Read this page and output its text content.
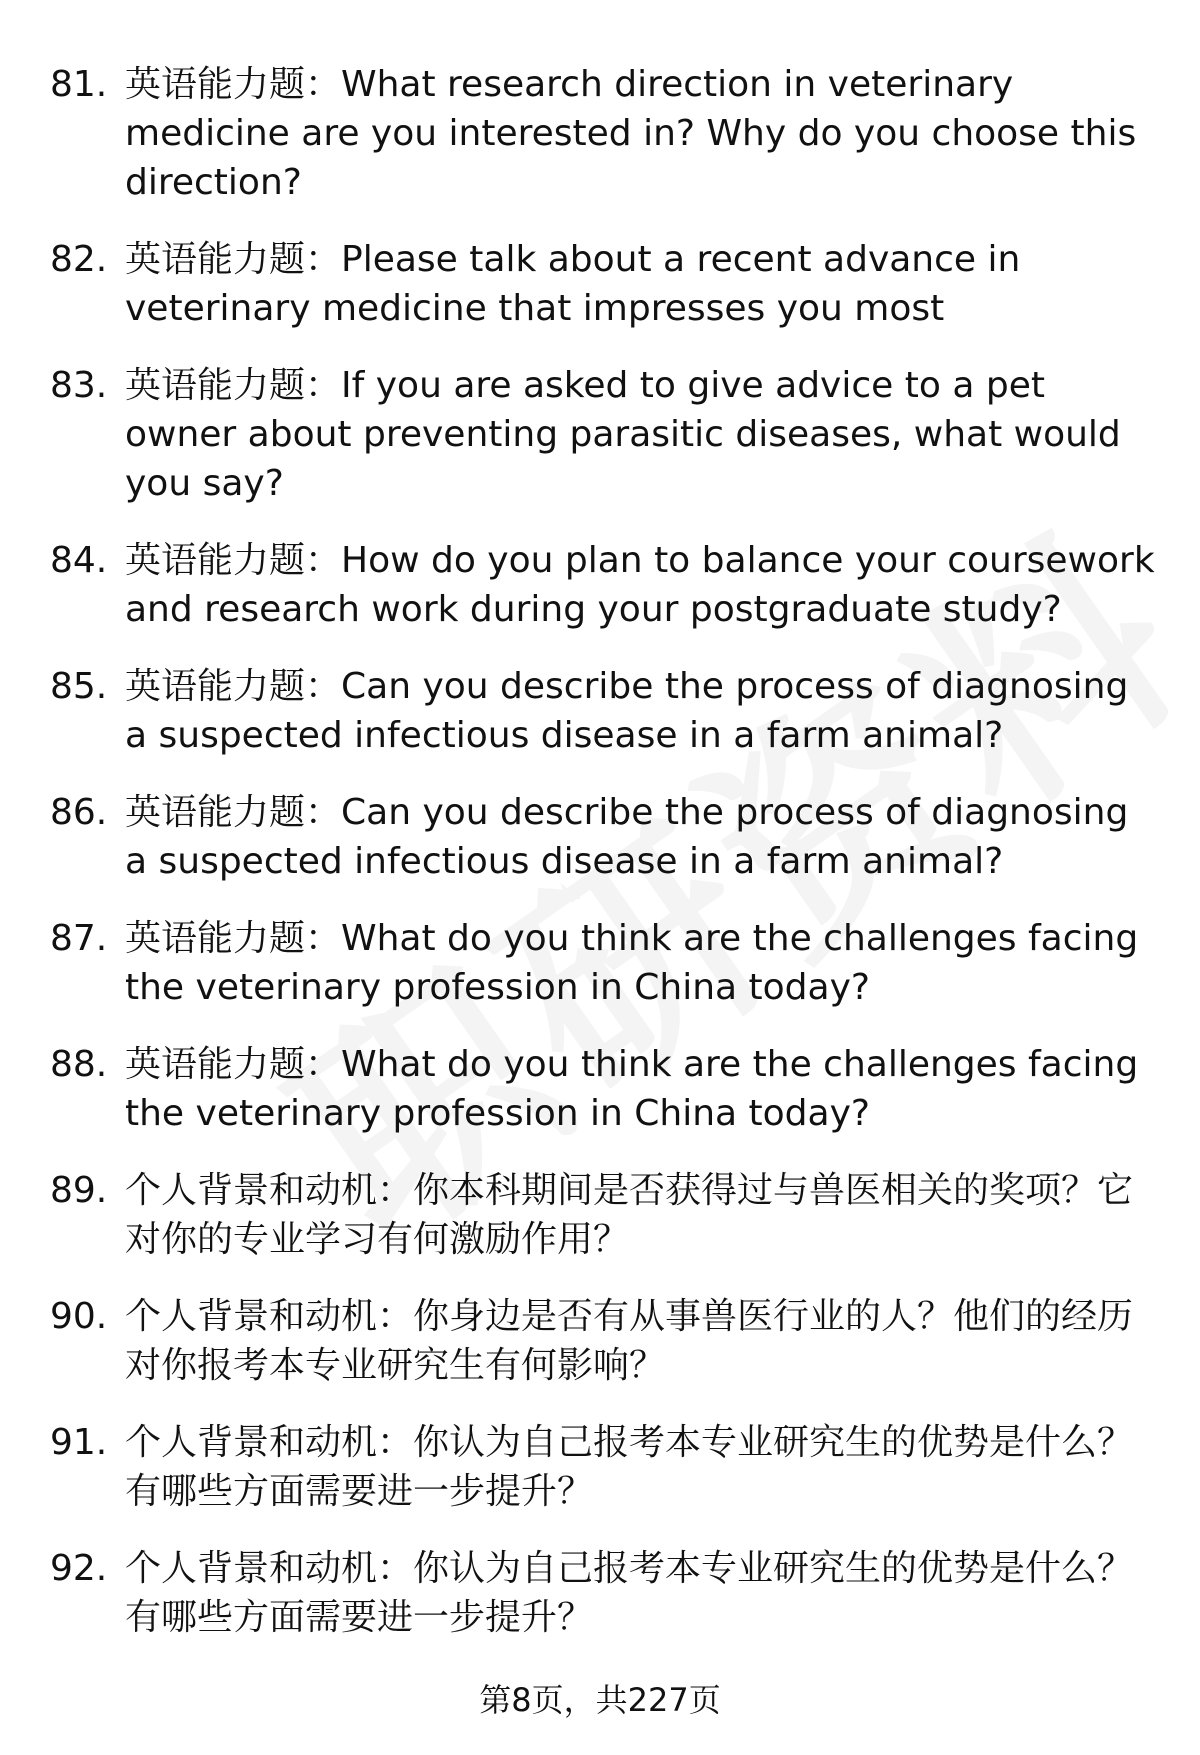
81. 英语能力题：What research direction in veterinary medicine are you interested in? Why do you choose this direction?
82. 英语能力题：Please talk about a recent advance in veterinary medicine that impresses you most
83. 英语能力题：If you are asked to give advice to a pet owner about preventing parasitic diseases, what would you say?
84. 英语能力题：How do you plan to balance your coursework and research work during your postgraduate study?
85. 英语能力题：Can you describe the process of diagnosing a suspected infectious disease in a farm animal?
86. 英语能力题：Can you describe the process of diagnosing a suspected infectious disease in a farm animal?
87. 英语能力题：What do you think are the challenges facing the veterinary profession in China today?
88. 英语能力题：What do you think are the challenges facing the veterinary profession in China today?
89. 个人背景和动机：你本科期间是否获得过与兽医相关的奖项？它对你的专业学习有何激励作用？
90. 个人背景和动机：你身边是否有从事兽医行业的人？他们的经历对你报考本专业研究生有何影响？
91. 个人背景和动机：你认为自己报考本专业研究生的优势是什么？有哪些方面需要进一步提升？
92. 个人背景和动机：你认为自己报考本专业研究生的优势是什么？有哪些方面需要进一步提升？
第8页，共227页
